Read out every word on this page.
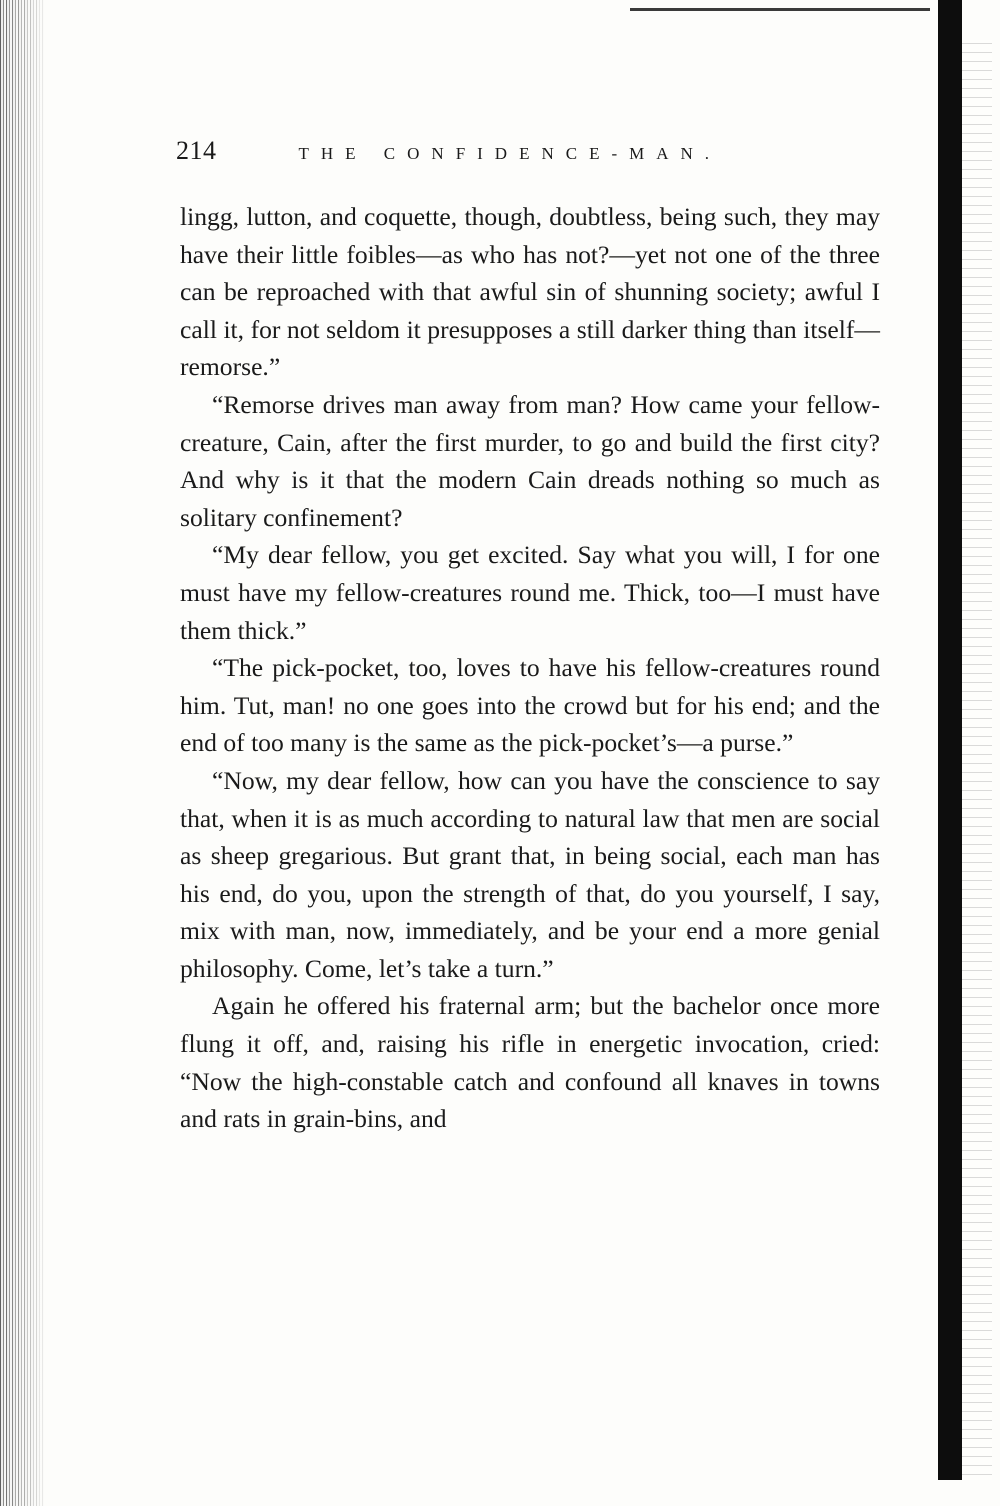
214	THE CONFIDENCE-MAN.

lingg, lutton, and coquette, though, doubtless, being such, they may have their little foibles—as who has not?—yet not one of the three can be reproached with that awful sin of shunning society; awful I call it, for not seldom it presupposes a still darker thing than itself—remorse.”

“Remorse drives man away from man? How came your fellow-creature, Cain, after the first murder, to go and build the first city? And why is it that the modern Cain dreads nothing so much as solitary confinement?

“My dear fellow, you get excited. Say what you will, I for one must have my fellow-creatures round me. Thick, too—I must have them thick.”

“The pick-pocket, too, loves to have his fellow-creatures round him. Tut, man! no one goes into the crowd but for his end; and the end of too many is the same as the pick-pocket’s—a purse.”

“Now, my dear fellow, how can you have the conscience to say that, when it is as much according to natural law that men are social as sheep gregarious. But grant that, in being social, each man has his end, do you, upon the strength of that, do you yourself, I say, mix with man, now, immediately, and be your end a more genial philosophy. Come, let’s take a turn.”

Again he offered his fraternal arm; but the bachelor once more flung it off, and, raising his rifle in energetic invocation, cried: “Now the high-constable catch and confound all knaves in towns and rats in grain-bins, and
